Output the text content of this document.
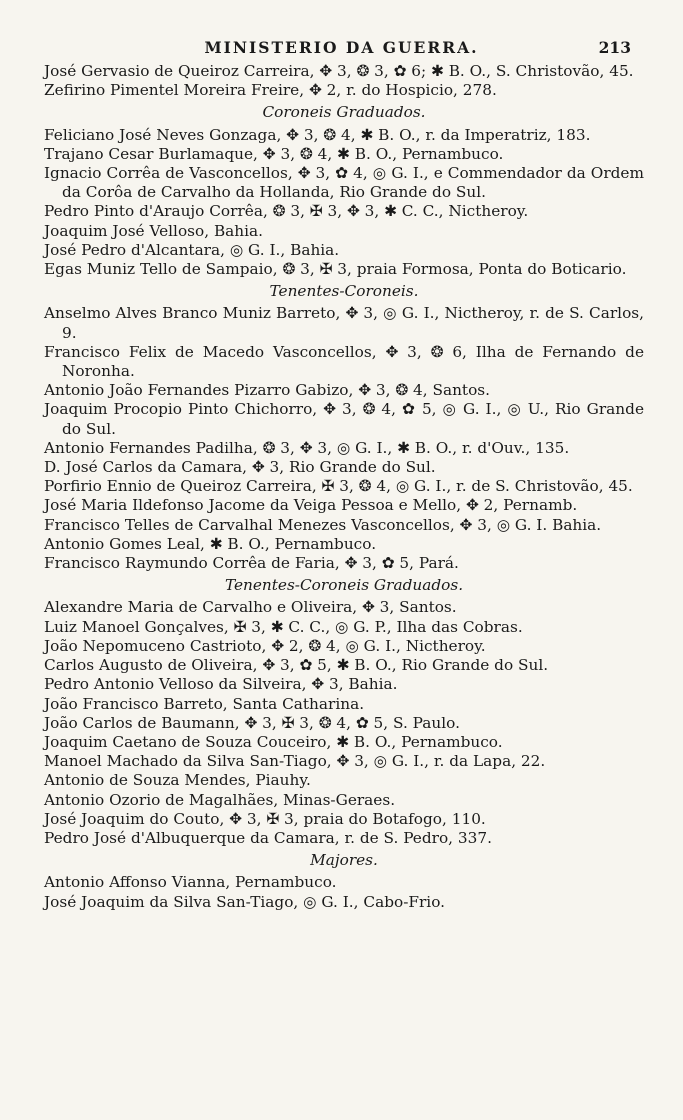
MINISTERIO DA GUERRA.	213

José Gervasio de Queiroz Carreira, ✥ 3, ❂ 3, ✿ 6; ✱ B. O., S. Christovão, 45.

Zefirino Pimentel Moreira Freire, ✥ 2, r. do Hospicio, 278.

Coroneis Graduados.

Feliciano José Neves Gonzaga, ✥ 3, ❂ 4, ✱ B. O., r. da Imperatriz, 183.

Trajano Cesar Burlamaque, ✥ 3, ❂ 4, ✱ B. O., Pernambuco.

Ignacio Corrêa de Vasconcellos, ✥ 3, ✿ 4, ◎ G. I., e Commendador da Ordem da Corôa de Carvalho da Hollanda, Rio Grande do Sul.

Pedro Pinto d'Araujo Corrêa, ❂ 3, ✠ 3, ✥ 3, ✱ C. C., Nictheroy.

Joaquim José Velloso, Bahia.

José Pedro d'Alcantara, ◎ G. I., Bahia.

Egas Muniz Tello de Sampaio, ❂ 3, ✠ 3, praia Formosa, Ponta do Boticario.

Tenentes-Coroneis.

Anselmo Alves Branco Muniz Barreto, ✥ 3, ◎ G. I., Nictheroy, r. de S. Carlos, 9.

Francisco Felix de Macedo Vasconcellos, ✥ 3, ❂ 6, Ilha de Fernando de Noronha.

Antonio João Fernandes Pizarro Gabizo, ✥ 3, ❂ 4, Santos.

Joaquim Procopio Pinto Chichorro, ✥ 3, ❂ 4, ✿ 5, ◎ G. I., ◎ U., Rio Grande do Sul.

Antonio Fernandes Padilha, ❂ 3, ✥ 3, ◎ G. I., ✱ B. O., r. d'Ouv., 135.

D. José Carlos da Camara, ✥ 3, Rio Grande do Sul.

Porfirio Ennio de Queiroz Carreira, ✠ 3, ❂ 4, ◎ G. I., r. de S. Christovão, 45.

José Maria Ildefonso Jacome da Veiga Pessoa e Mello, ✥ 2, Pernamb.

Francisco Telles de Carvalhal Menezes Vasconcellos, ✥ 3, ◎ G. I. Bahia.

Antonio Gomes Leal, ✱ B. O., Pernambuco.

Francisco Raymundo Corrêa de Faria, ✥ 3, ✿ 5, Pará.

Tenentes-Coroneis Graduados.

Alexandre Maria de Carvalho e Oliveira, ✥ 3, Santos.

Luiz Manoel Gonçalves, ✠ 3, ✱ C. C., ◎ G. P., Ilha das Cobras.

João Nepomuceno Castrioto, ✥ 2, ❂ 4, ◎ G. I., Nictheroy.

Carlos Augusto de Oliveira, ✥ 3, ✿ 5, ✱ B. O., Rio Grande do Sul.

Pedro Antonio Velloso da Silveira, ✥ 3, Bahia.

João Francisco Barreto, Santa Catharina.

João Carlos de Baumann, ✥ 3, ✠ 3, ❂ 4, ✿ 5, S. Paulo.

Joaquim Caetano de Souza Couceiro, ✱ B. O., Pernambuco.

Manoel Machado da Silva San-Tiago, ✥ 3, ◎ G. I., r. da Lapa, 22.

Antonio de Souza Mendes, Piauhy.

Antonio Ozorio de Magalhães, Minas-Geraes.

José Joaquim do Couto, ✥ 3, ✠ 3, praia do Botafogo, 110.

Pedro José d'Albuquerque da Camara, r. de S. Pedro, 337.

Majores.

Antonio Affonso Vianna, Pernambuco.

José Joaquim da Silva San-Tiago, ◎ G. I., Cabo-Frio.
